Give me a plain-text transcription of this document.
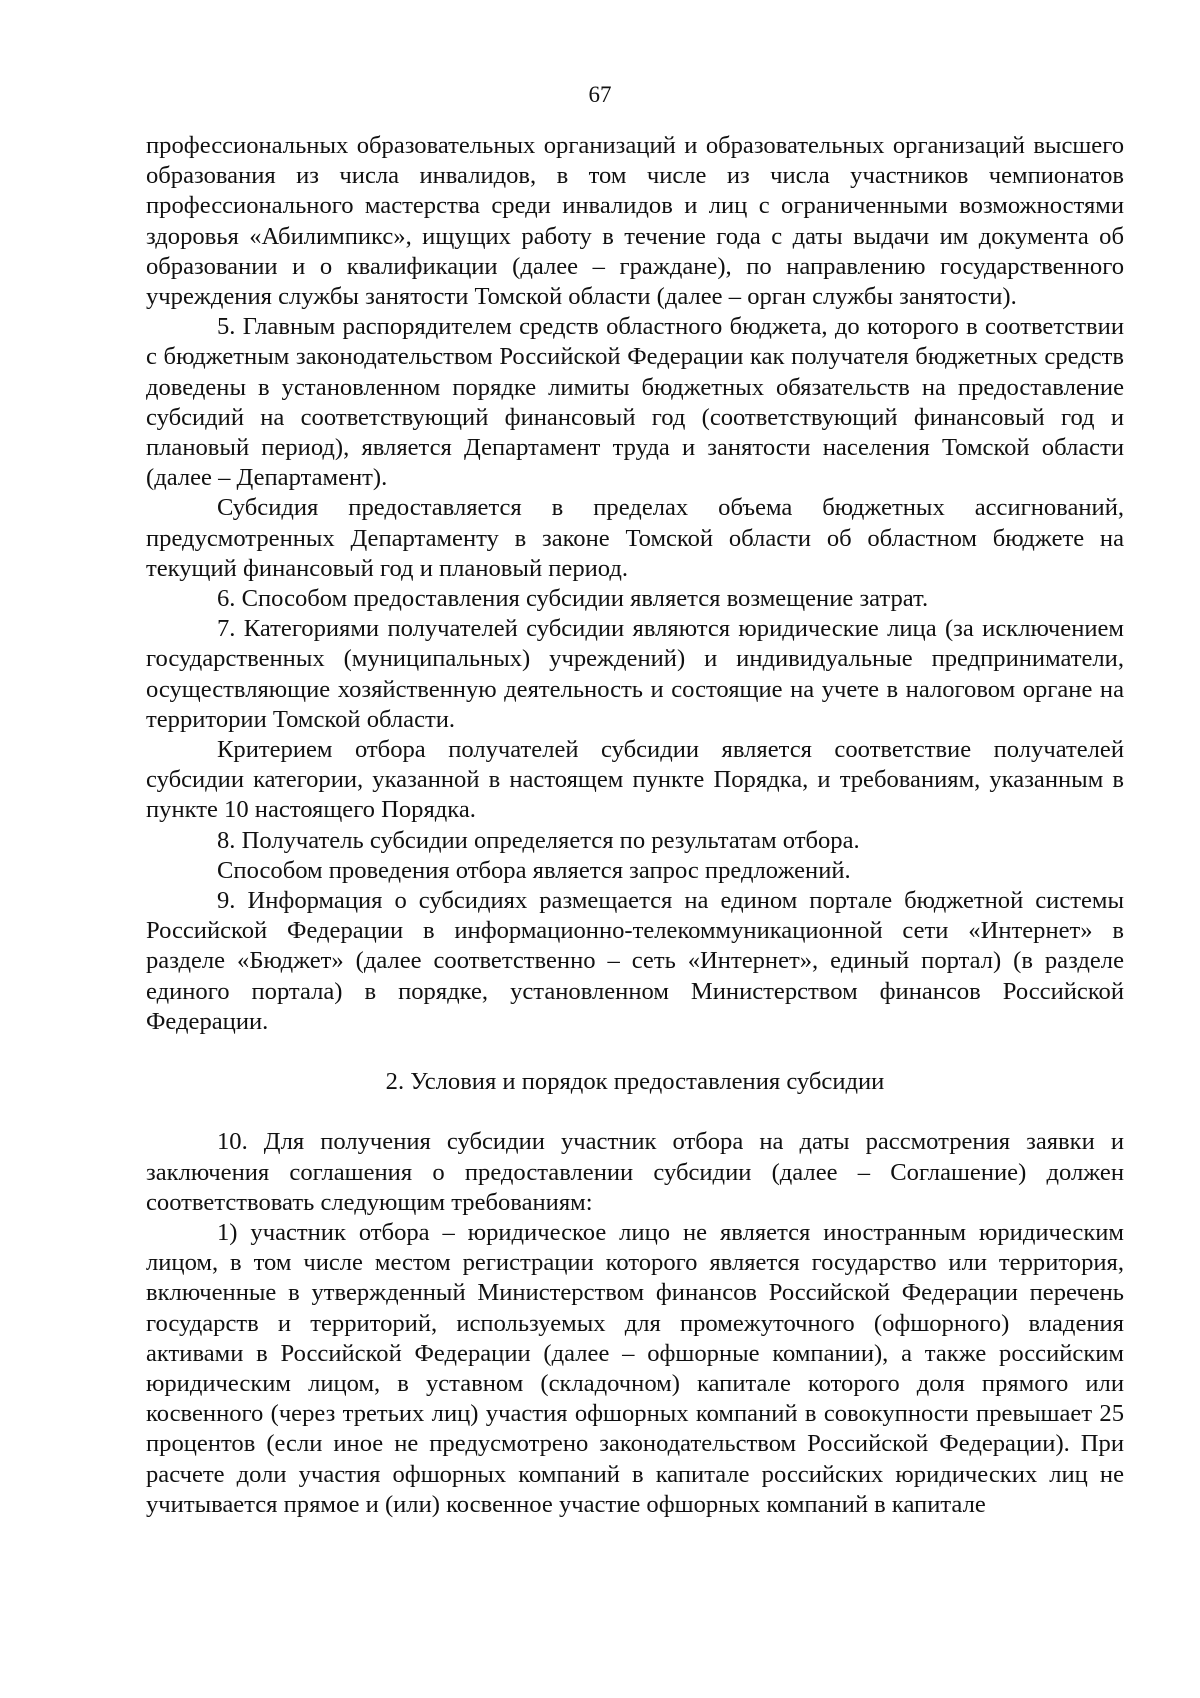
67

профессиональных образовательных организаций и образовательных организаций высшего образования из числа инвалидов, в том числе из числа участников чемпионатов профессионального мастерства среди инвалидов и лиц с ограниченными возможностями здоровья «Абилимпикс», ищущих работу в течение года с даты выдачи им документа об образовании и о квалификации (далее – граждане), по направлению государственного учреждения службы занятости Томской области (далее – орган службы занятости).

5. Главным распорядителем средств областного бюджета, до которого в соответствии с бюджетным законодательством Российской Федерации как получателя бюджетных средств доведены в установленном порядке лимиты бюджетных обязательств на предоставление субсидий на соответствующий финансовый год (соответствующий финансовый год и плановый период), является Департамент труда и занятости населения Томской области (далее – Департамент).

Субсидия предоставляется в пределах объема бюджетных ассигнований, предусмотренных Департаменту в законе Томской области об областном бюджете на текущий финансовый год и плановый период.

6. Способом предоставления субсидии является возмещение затрат.

7. Категориями получателей субсидии являются юридические лица (за исключением государственных (муниципальных) учреждений) и индивидуальные предприниматели, осуществляющие хозяйственную деятельность и состоящие на учете в налоговом органе на территории Томской области.

Критерием отбора получателей субсидии является соответствие получателей субсидии категории, указанной в настоящем пункте Порядка, и требованиям, указанным в пункте 10 настоящего Порядка.

8. Получатель субсидии определяется по результатам отбора.

Способом проведения отбора является запрос предложений.

9. Информация о субсидиях размещается на едином портале бюджетной системы Российской Федерации в информационно-телекоммуникационной сети «Интернет» в разделе «Бюджет» (далее соответственно – сеть «Интернет», единый портал) (в разделе единого портала) в порядке, установленном Министерством финансов Российской Федерации.

2. Условия и порядок предоставления субсидии

10. Для получения субсидии участник отбора на даты рассмотрения заявки и заключения соглашения о предоставлении субсидии (далее – Соглашение) должен соответствовать следующим требованиям:

1) участник отбора – юридическое лицо не является иностранным юридическим лицом, в том числе местом регистрации которого является государство или территория, включенные в утвержденный Министерством финансов Российской Федерации перечень государств и территорий, используемых для промежуточного (офшорного) владения активами в Российской Федерации (далее – офшорные компании), а также российским юридическим лицом, в уставном (складочном) капитале которого доля прямого или косвенного (через третьих лиц) участия офшорных компаний в совокупности превышает 25 процентов (если иное не предусмотрено законодательством Российской Федерации). При расчете доли участия офшорных компаний в капитале российских юридических лиц не учитывается прямое и (или) косвенное участие офшорных компаний в капитале
